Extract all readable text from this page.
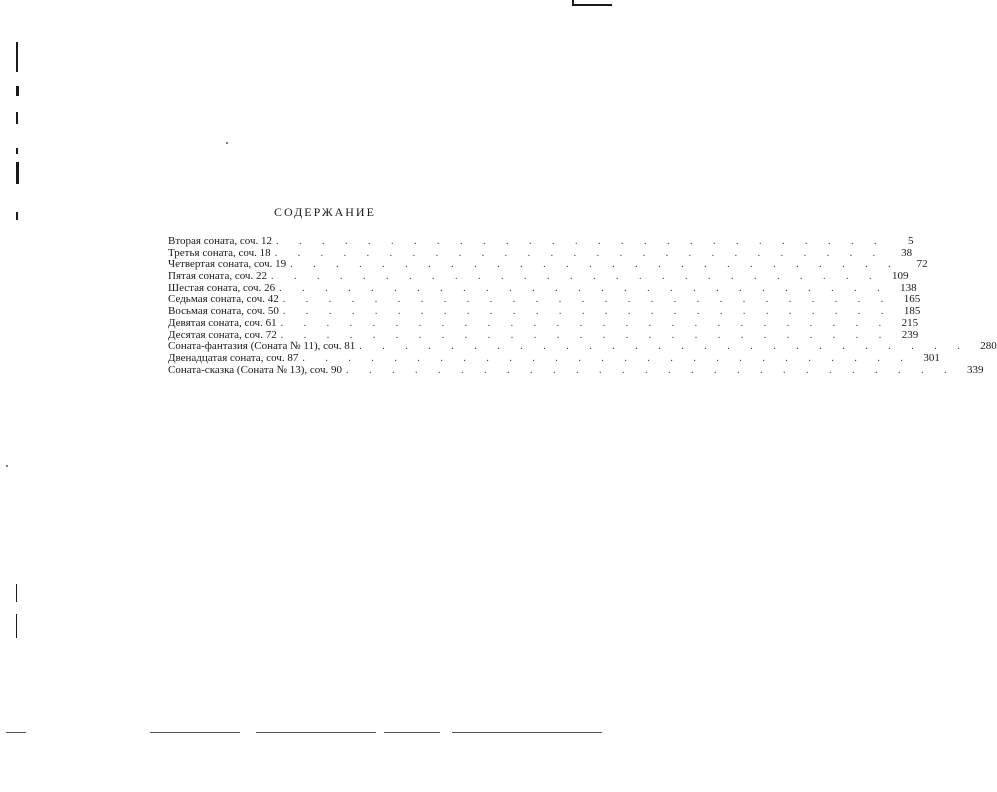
СОДЕРЖАНИЕ
Вторая соната, соч. 12 . . . . . . . . . . . . . . . . . . . . . . . . . . .	5
Третья соната, соч. 18 . . . . . . . . . . . . . . . . . . . . . . . . . . .	38
Четвертая соната, соч. 19 . . . . . . . . . . . . . . . . . . . . . . . . . . .	72
Пятая соната, соч. 22 . . . . . . . . . . . . . . . . . . . . . . . . . . .	109
Шестая соната, соч. 26 . . . . . . . . . . . . . . . . . . . . . . . . . . .	138
Седьмая соната, соч. 42 . . . . . . . . . . . . . . . . . . . . . . . . . . .	165
Восьмая соната, соч. 50 . . . . . . . . . . . . . . . . . . . . . . . . . . .	185
Девятая соната, соч. 61 . . . . . . . . . . . . . . . . . . . . . . . . . . .	215
Десятая соната, соч. 72 . . . . . . . . . . . . . . . . . . . . . . . . . . .	239
Соната-фантазия (Соната № 11), соч. 81 . . . . . . . . . . . . . . . . . . . . . . . . . . .	280
Двенадцатая соната, соч. 87 . . . . . . . . . . . . . . . . . . . . . . . . . . .	301
Соната-сказка (Соната № 13), соч. 90 . . . . . . . . . . . . . . . . . . . . . . . . . . .	339
